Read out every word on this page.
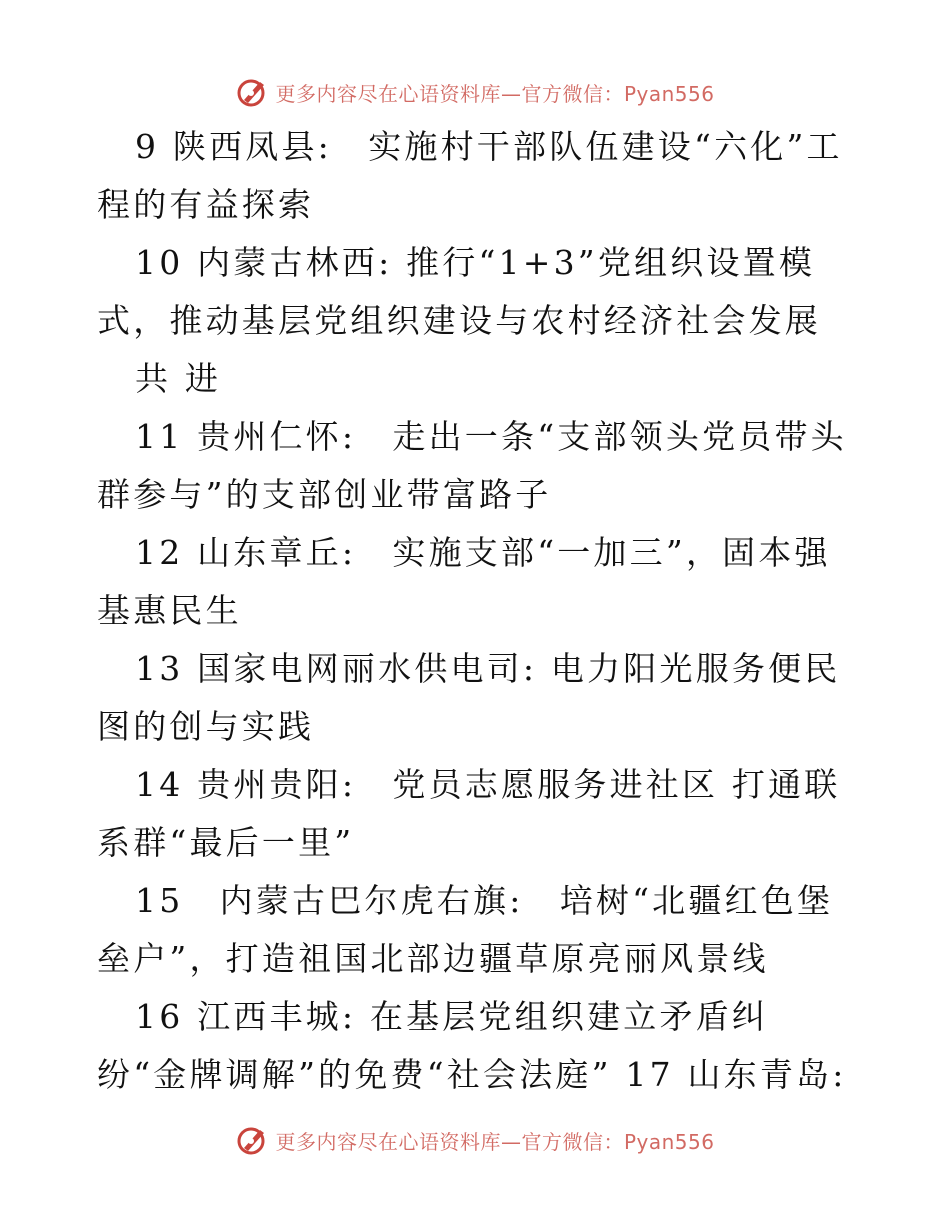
更多内容尽在心语资料库—官方微信：Pyan556

9 陕西凤县:　实施村干部队伍建设“六化”工程的有益探索

10 内蒙古林西: 推行“1+3”党组织设置模式，推动基层党组织建设与农村经济社会发展

共 进

11 贵州仁怀:　走出一条“支部领头党员带头群参与”的支部创业带富路子

12 山东章丘:　实施支部“一加三”，固本强基惠民生

13 国家电网丽水供电司: 电力阳光服务便民图的创与实践

14 贵州贵阳:　党员志愿服务进社区 打通联系群“最后一里”

15　内蒙古巴尔虎右旗:　培树“北疆红色堡垒户”，打造祖国北部边疆草原亮丽风景线

16 江西丰城: 在基层党组织建立矛盾纠纷“金牌调解”的免费“社会法庭” 17 山东青岛:

更多内容尽在心语资料库—官方微信：Pyan556
